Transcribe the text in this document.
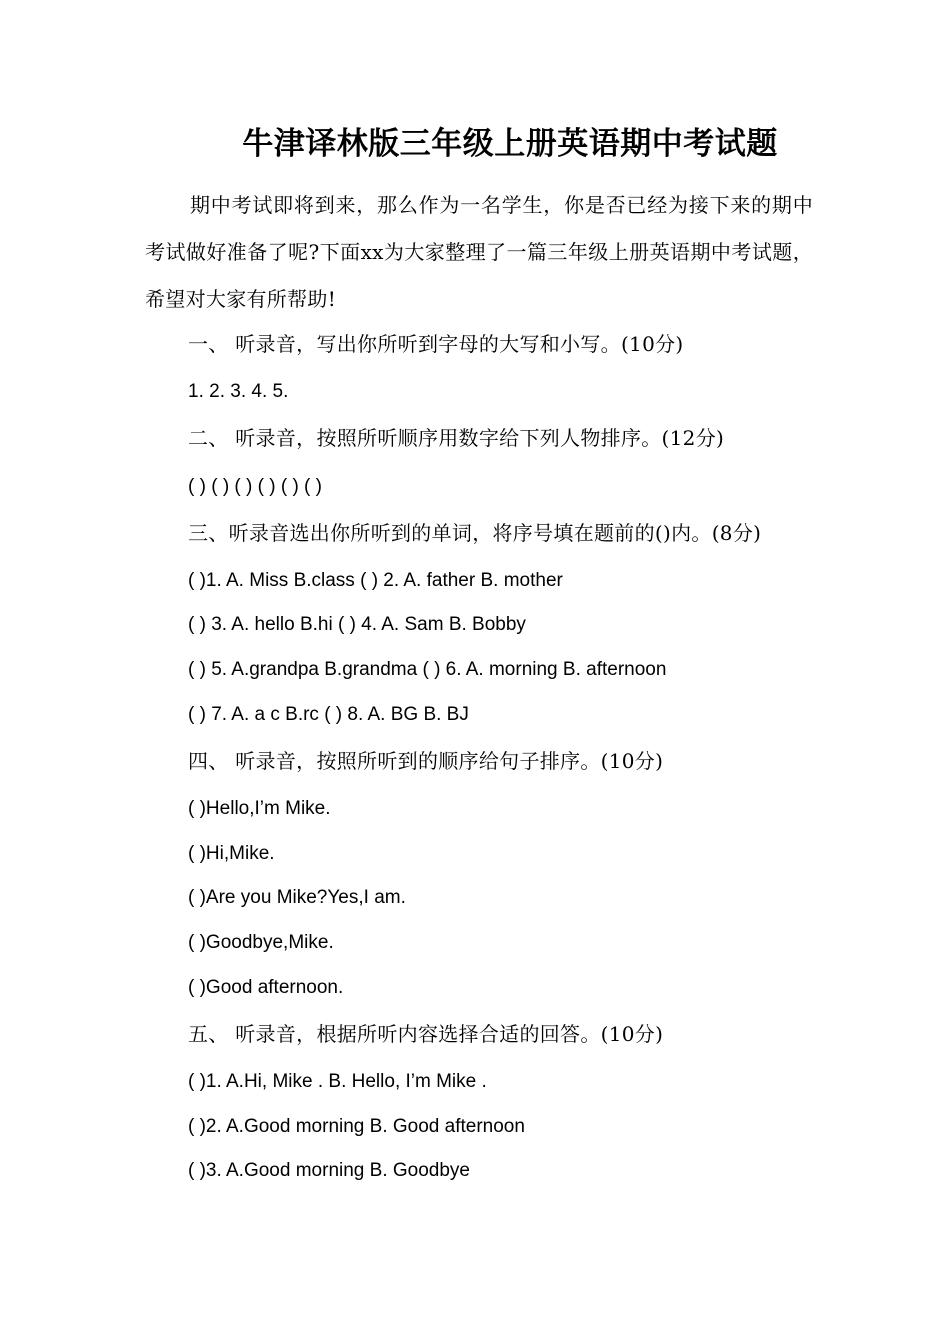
牛津译林版三年级上册英语期中考试题
期中考试即将到来，那么作为一名学生，你是否已经为接下来的期中考试做好准备了呢?下面xx为大家整理了一篇三年级上册英语期中考试题，希望对大家有所帮助!
一、 听录音，写出你所听到字母的大写和小写。(10分)
1. 2. 3. 4. 5.
二、 听录音，按照所听顺序用数字给下列人物排序。(12分)
( ) ( ) ( ) ( ) ( ) ( )
三、听录音选出你所听到的单词，将序号填在题前的()内。(8分)
( )1. A. Miss B.class ( ) 2. A. father B. mother
( ) 3. A. hello B.hi ( ) 4. A. Sam B. Bobby
( ) 5. A.grandpa B.grandma ( ) 6. A. morning B. afternoon
( ) 7. A. a c B.rc ( ) 8. A. BG B. BJ
四、 听录音，按照所听到的顺序给句子排序。(10分)
( )Hello,I’m Mike.
( )Hi,Mike.
( )Are you Mike?Yes,I am.
( )Goodbye,Mike.
( )Good afternoon.
五、 听录音，根据所听内容选择合适的回答。(10分)
( )1. A.Hi, Mike . B. Hello, I’m Mike .
( )2. A.Good morning B. Good afternoon
( )3. A.Good morning B. Goodbye
